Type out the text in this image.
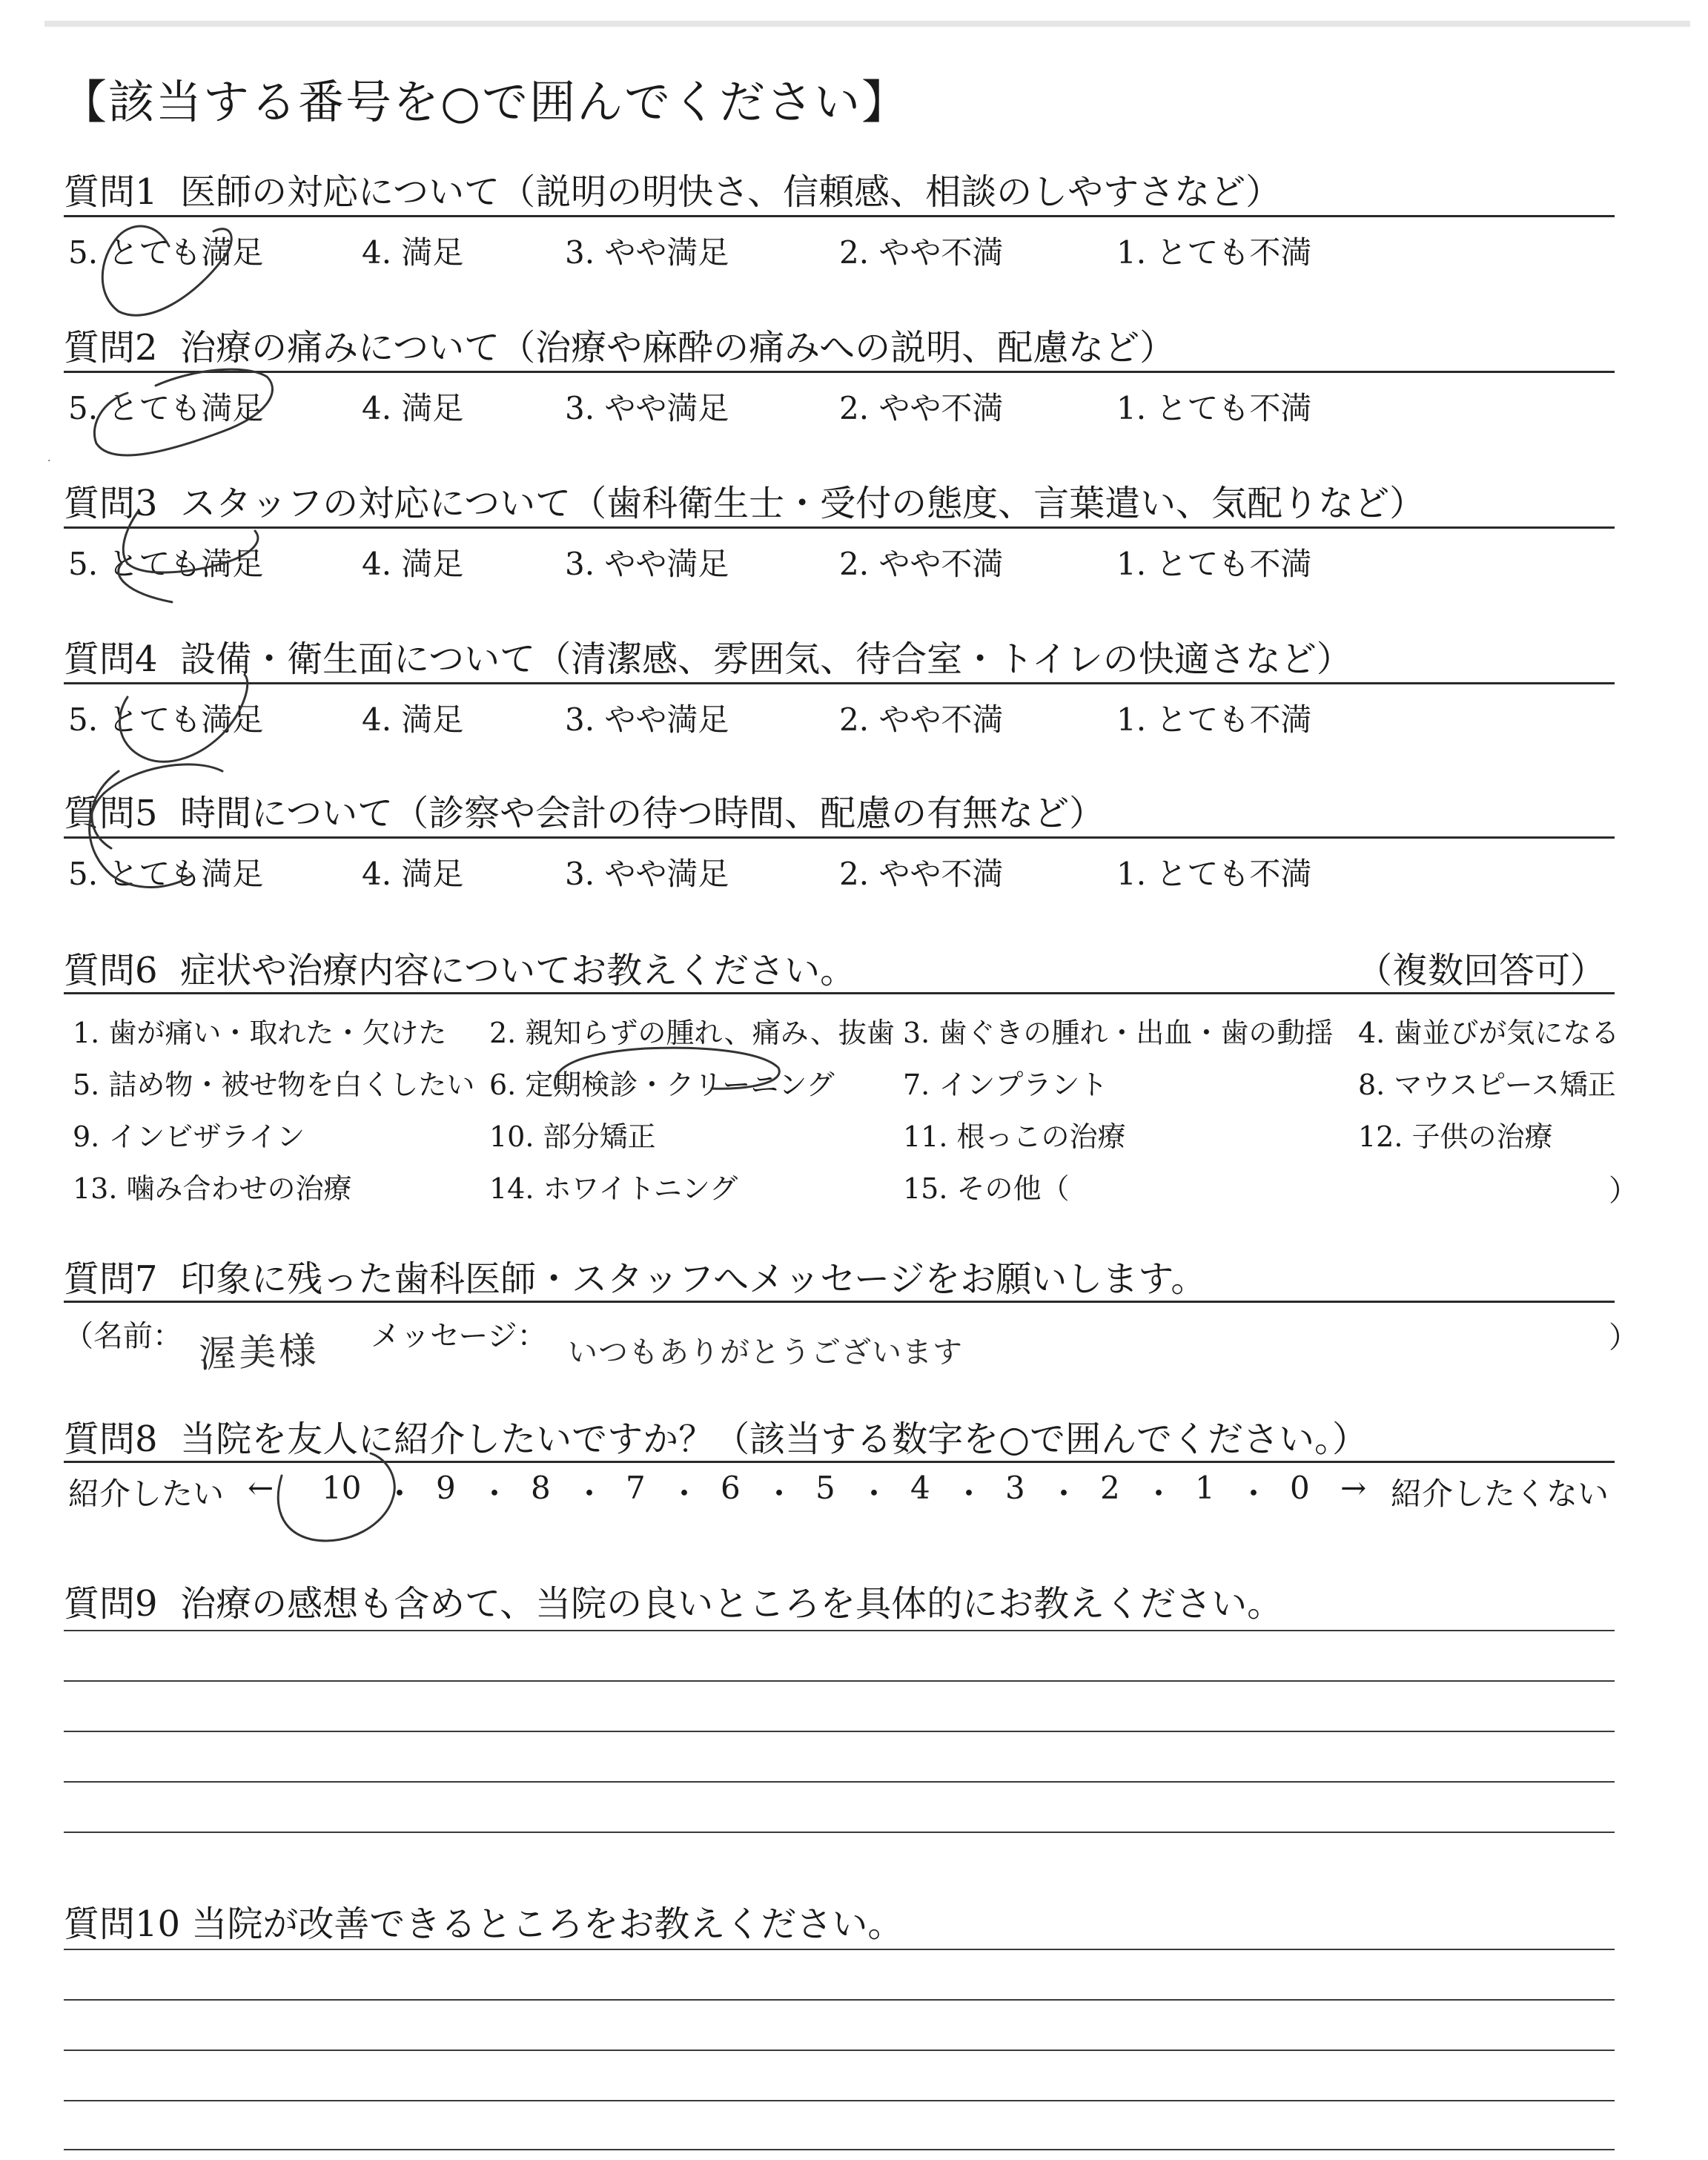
【該当する番号を○で囲んでください】
質問1 医師の対応について（説明の明快さ、信頼感、相談のしやすさなど）
5. とても満足	4. 満足	3. やや満足	2. やや不満	1. とても不満
質問2 治療の痛みについて（治療や麻酔の痛みへの説明、配慮など）
5. とても満足	4. 満足	3. やや満足	2. やや不満	1. とても不満
質問3 スタッフの対応について（歯科衛生士・受付の態度、言葉遣い、気配りなど）
5. とても満足	4. 満足	3. やや満足	2. やや不満	1. とても不満
質問4 設備・衛生面について（清潔感、雰囲気、待合室・トイレの快適さなど）
5. とても満足	4. 満足	3. やや満足	2. やや不満	1. とても不満
質問5 時間について（診察や会計の待つ時間、配慮の有無など）
5. とても満足	4. 満足	3. やや満足	2. やや不満	1. とても不満
質問6 症状や治療内容についてお教えください。	（複数回答可）
1. 歯が痛い・取れた・欠けた 2. 親知らずの腫れ、痛み、抜歯 3. 歯ぐきの腫れ・出血・歯の動揺 4. 歯並びが気になる
5. 詰め物・被せ物を白くしたい 6. 定期検診・クリーニング 7. インプラント	8. マウスピース矯正
9. インビザライン	10. 部分矯正	11. 根っこの治療	12. 子供の治療
13. 噛み合わせの治療	14. ホワイトニング	15. その他（	）
質問7 印象に残った歯科医師・スタッフへメッセージをお願いします。
（名前： 渥美様 メッセージ： いつもありがとうございます	）
質問8 当院を友人に紹介したいですか？（該当する数字を○で囲んでください。）
紹介したい ← 10 ・ 9 ・ 8 ・ 7 ・ 6 ・ 5 ・ 4 ・ 3 ・ 2 ・ 1 ・ 0 → 紹介したくない
質問9 治療の感想も含めて、当院の良いところを具体的にお教えください。
質問10 当院が改善できるところをお教えください。
·
